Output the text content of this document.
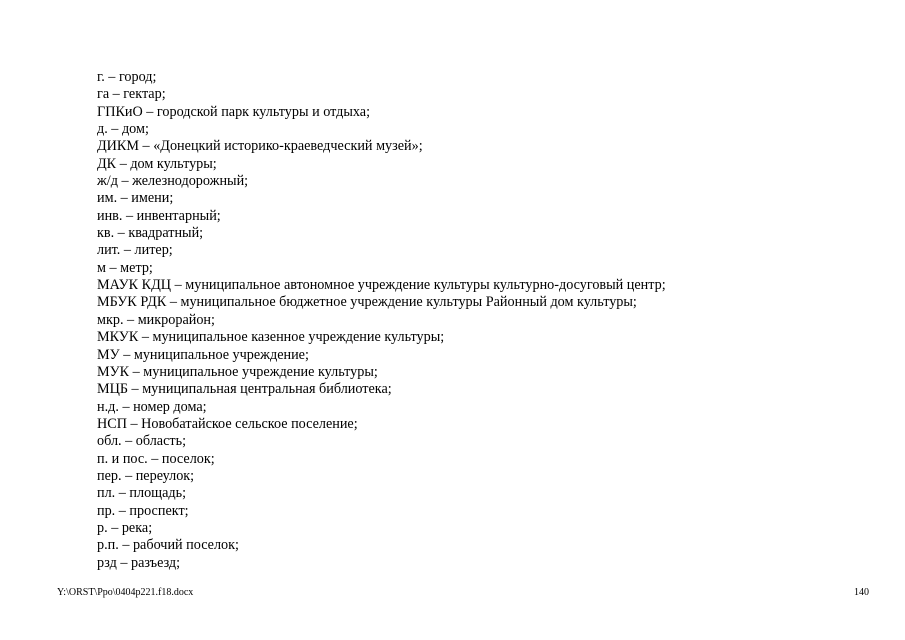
г. – город;
га – гектар;
ГПКиО – городской парк культуры и отдыха;
д. – дом;
ДИКМ – «Донецкий историко-краеведческий музей»;
ДК – дом культуры;
ж/д – железнодорожный;
им. – имени;
инв. – инвентарный;
кв. – квадратный;
лит. – литер;
м – метр;
МАУК КДЦ – муниципальное автономное учреждение культуры культурно-досуговый центр;
МБУК РДК – муниципальное бюджетное учреждение культуры Районный дом культуры;
мкр. – микрорайон;
МКУК – муниципальное казенное учреждение культуры;
МУ – муниципальное учреждение;
МУК – муниципальное учреждение культуры;
МЦБ – муниципальная центральная библиотека;
н.д. – номер дома;
НСП – Новобатайское сельское поселение;
обл. – область;
п. и пос. – поселок;
пер. – переулок;
пл. – площадь;
пр. – проспект;
р. – река;
р.п. – рабочий поселок;
рзд – разъезд;
Y:\ORST\Ppo\0404p221.f18.docx	140
